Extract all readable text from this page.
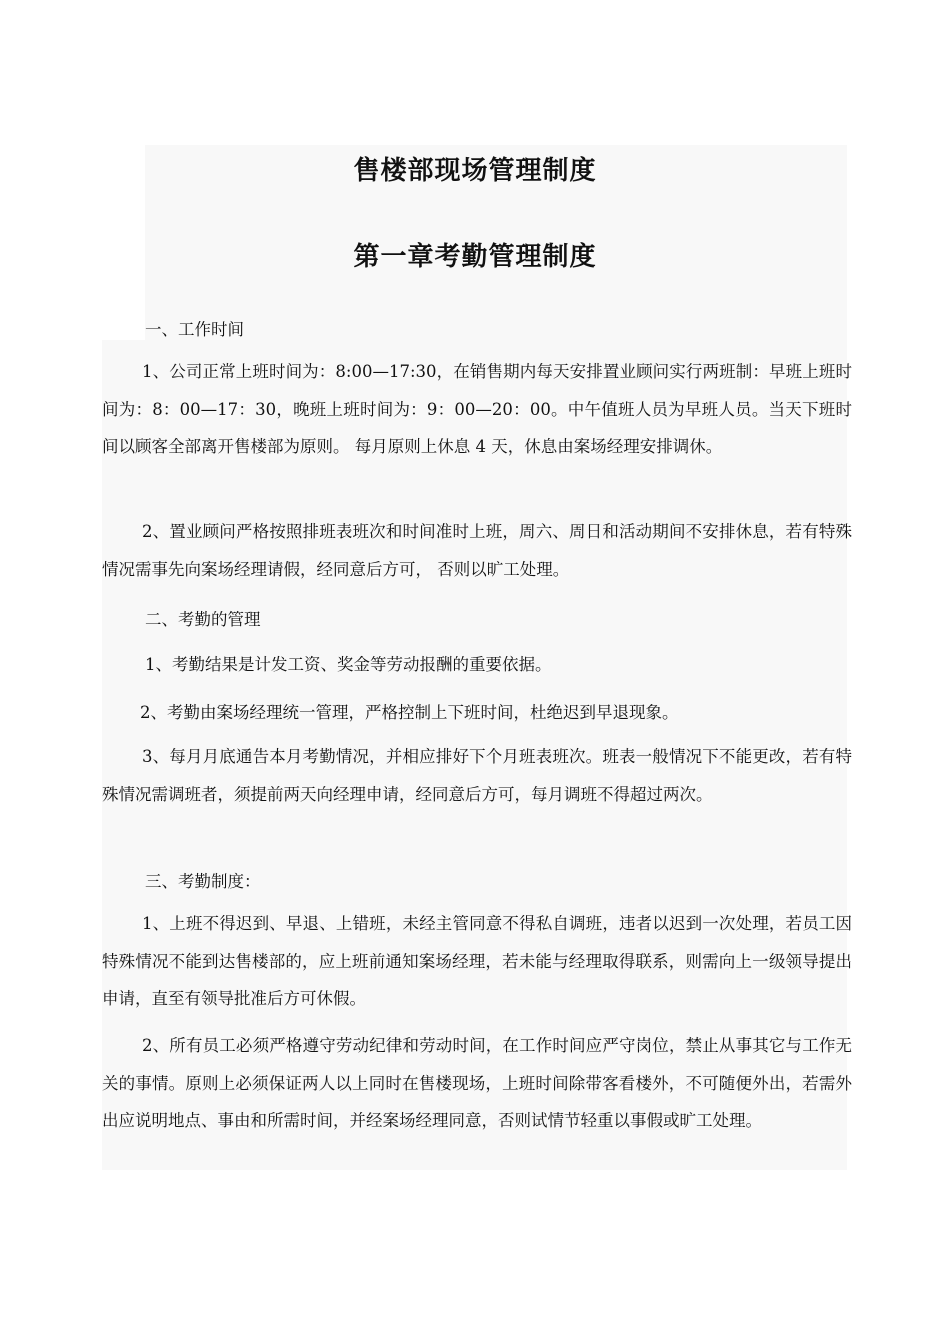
售楼部现场管理制度
第一章考勤管理制度
一、工作时间

1、公司正常上班时间为：8:00—17:30，在销售期内每天安排置业顾问实行两班制：早班上班时间为：8：00—17：30，晚班上班时间为：9：00—20：00。中午值班人员为早班人员。当天下班时间以顾客全部离开售楼部为原则。 每月原则上休息 4 天，休息由案场经理安排调休。

2、置业顾问严格按照排班表班次和时间准时上班，周六、周日和活动期间不安排休息，若有特殊情况需事先向案场经理请假，经同意后方可， 否则以旷工处理。

二、考勤的管理
1、考勤结果是计发工资、奖金等劳动报酬的重要依据。
2、考勤由案场经理统一管理，严格控制上下班时间，杜绝迟到早退现象。

3、每月月底通告本月考勤情况，并相应排好下个月班表班次。班表一般情况下不能更改，若有特殊情况需调班者，须提前两天向经理申请，经同意后方可，每月调班不得超过两次。

三、考勤制度：

1、上班不得迟到、早退、上错班，未经主管同意不得私自调班，违者以迟到一次处理，若员工因特殊情况不能到达售楼部的，应上班前通知案场经理，若未能与经理取得联系，则需向上一级领导提出申请，直至有领导批准后方可休假。

2、所有员工必须严格遵守劳动纪律和劳动时间，在工作时间应严守岗位，禁止从事其它与工作无关的事情。原则上必须保证两人以上同时在售楼现场，上班时间除带客看楼外，不可随便外出，若需外出应说明地点、事由和所需时间，并经案场经理同意，否则试情节轻重以事假或旷工处理。
